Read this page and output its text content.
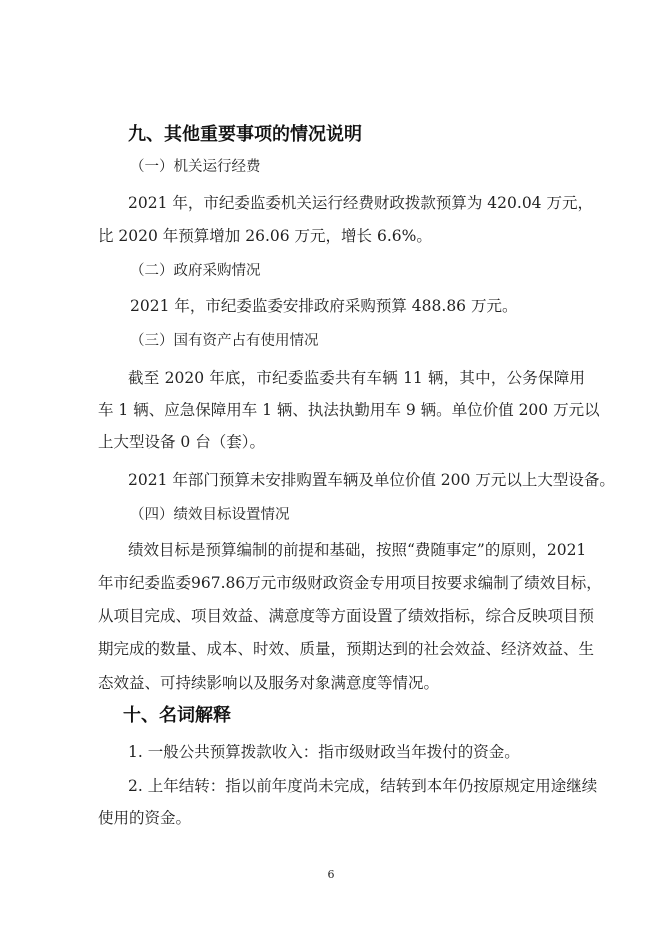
九、其他重要事项的情况说明
（一）机关运行经费
2021 年，市纪委监委机关运行经费财政拨款预算为 420.04 万元，
比 2020 年预算增加 26.06 万元，增长 6.6%。
（二）政府采购情况
2021 年，市纪委监委安排政府采购预算 488.86 万元。
（三）国有资产占有使用情况
截至 2020 年底，市纪委监委共有车辆 11 辆，其中，公务保障用
车 1 辆、应急保障用车 1 辆、执法执勤用车 9 辆。单位价值 200 万元以
上大型设备 0 台（套）。
2021 年部门预算未安排购置车辆及单位价值 200 万元以上大型设备。
（四）绩效目标设置情况
绩效目标是预算编制的前提和基础，按照“费随事定”的原则，2021
年市纪委监委967.86万元市级财政资金专用项目按要求编制了绩效目标，
从项目完成、项目效益、满意度等方面设置了绩效指标，综合反映项目预
期完成的数量、成本、时效、质量，预期达到的社会效益、经济效益、生
态效益、可持续影响以及服务对象满意度等情况。
十、名词解释
1. 一般公共预算拨款收入：指市级财政当年拨付的资金。
2. 上年结转：指以前年度尚未完成，结转到本年仍按原规定用途继续
使用的资金。
6
